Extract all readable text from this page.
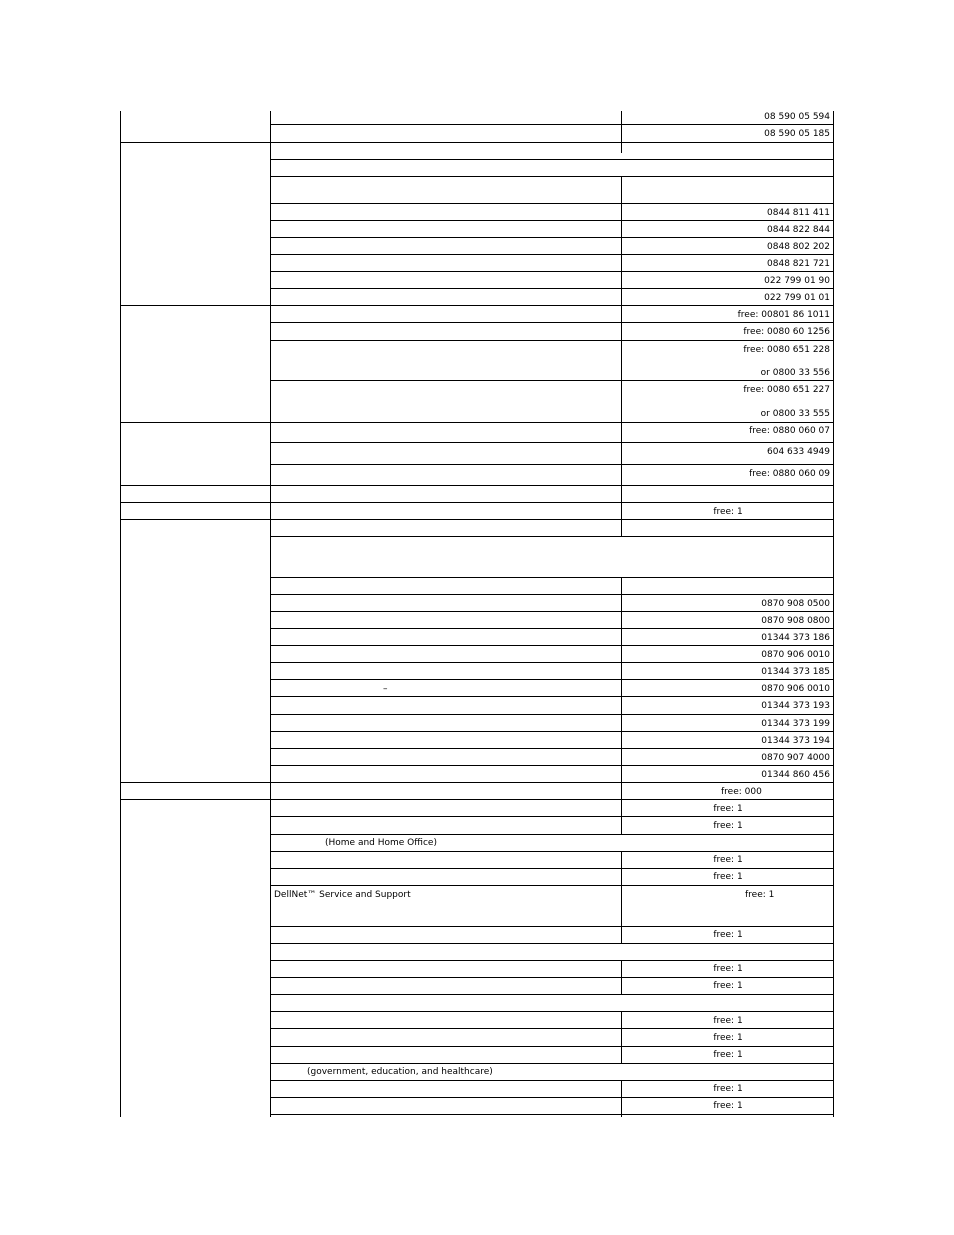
08 590 05 594
08 590 05 185
0844 811 411
0844 822 844
0848 802 202
0848 821 721
022 799 01 90
022 799 01 01
free: 00801 86 1011
free: 0080 60 1256
free: 0080 651 228
or 0800 33 556
free: 0080 651 227
or 0800 33 555
free: 0880 060 07
604 633 4949
free: 0880 060 09
free: 1
0870 908 0500
0870 908 0800
01344 373 186
0870 906 0010
01344 373 185
–	0870 906 0010
01344 373 193
01344 373 199
01344 373 194
0870 907 4000
01344 860 456
free: 000
free: 1
free: 1
(Home and Home Office)
free: 1
free: 1
DellNet™ Service and Support	free: 1
free: 1
free: 1
free: 1
free: 1
free: 1
free: 1
(government, education, and healthcare)
free: 1
free: 1
